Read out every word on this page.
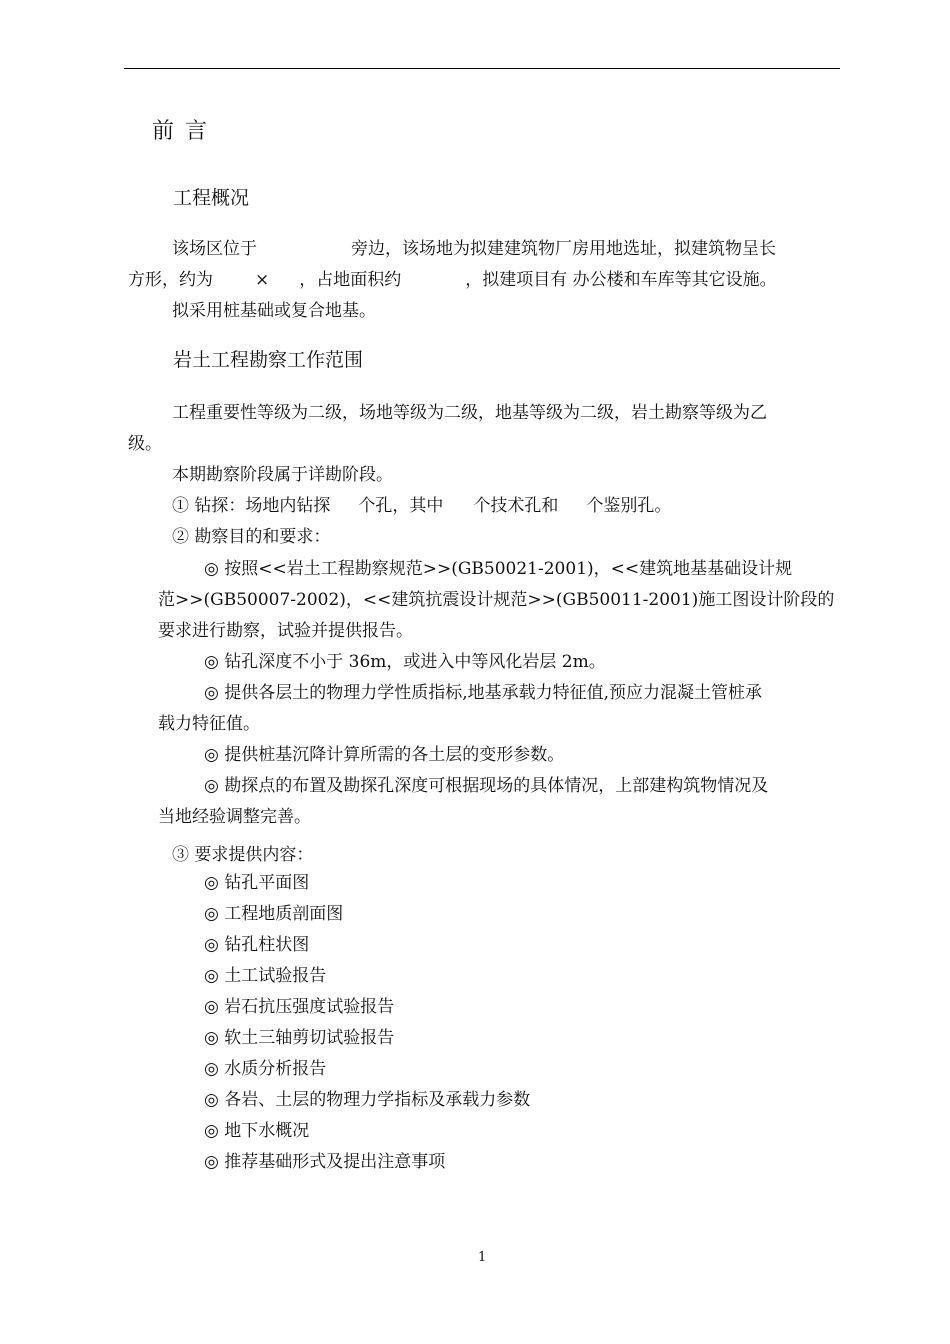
前 言
工程概况
该场区位于	旁边，该场地为拟建建筑物厂房用地选址，拟建筑物呈长
方形，约为 × ，占地面积约	，拟建项目有 办公楼和车库等其它设施。
拟采用桩基础或复合地基。
岩土工程勘察工作范围
工程重要性等级为二级，场地等级为二级，地基等级为二级，岩土勘察等级为乙
级。
本期勘察阶段属于详勘阶段。
① 钻探：场地内钻探 个孔，其中 个技术孔和 个鉴别孔。
② 勘察目的和要求：
◎ 按照<<岩土工程勘察规范>>(GB50021-2001)，<<建筑地基基础设计规
范>>(GB50007-2002)，<<建筑抗震设计规范>>(GB50011-2001)施工图设计阶段的
要求进行勘察，试验并提供报告。
◎ 钻孔深度不小于 36m，或进入中等风化岩层 2m。
◎ 提供各层土的物理力学性质指标,地基承载力特征值,预应力混凝土管桩承
载力特征值。
◎ 提供桩基沉降计算所需的各土层的变形参数。
◎ 勘探点的布置及勘探孔深度可根据现场的具体情况，上部建构筑物情况及
当地经验调整完善。
③ 要求提供内容：
◎ 钻孔平面图
◎ 工程地质剖面图
◎ 钻孔柱状图
◎ 土工试验报告
◎ 岩石抗压强度试验报告
◎ 软土三轴剪切试验报告
◎ 水质分析报告
◎ 各岩、土层的物理力学指标及承载力参数
◎ 地下水概况
◎ 推荐基础形式及提出注意事项
1
